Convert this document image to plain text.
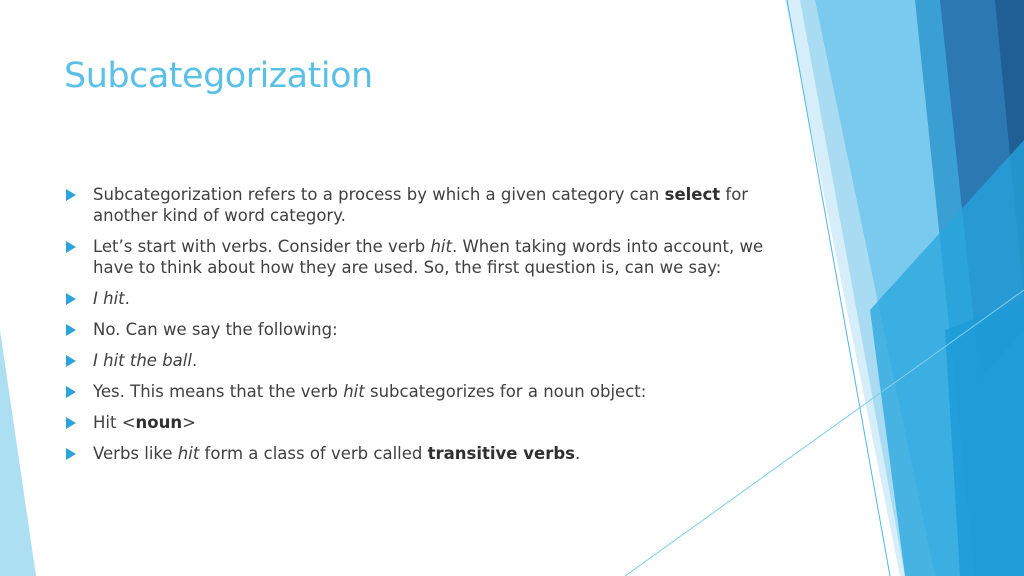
Subcategorization
Subcategorization refers to a process by which a given category can select for another kind of word category.
Let’s start with verbs. Consider the verb hit. When taking words into account, we have to think about how they are used. So, the first question is, can we say:
I hit.
No. Can we say the following:
I hit the ball.
Yes. This means that the verb hit subcategorizes for a noun object:
Hit <noun>
Verbs like hit form a class of verb called transitive verbs.
